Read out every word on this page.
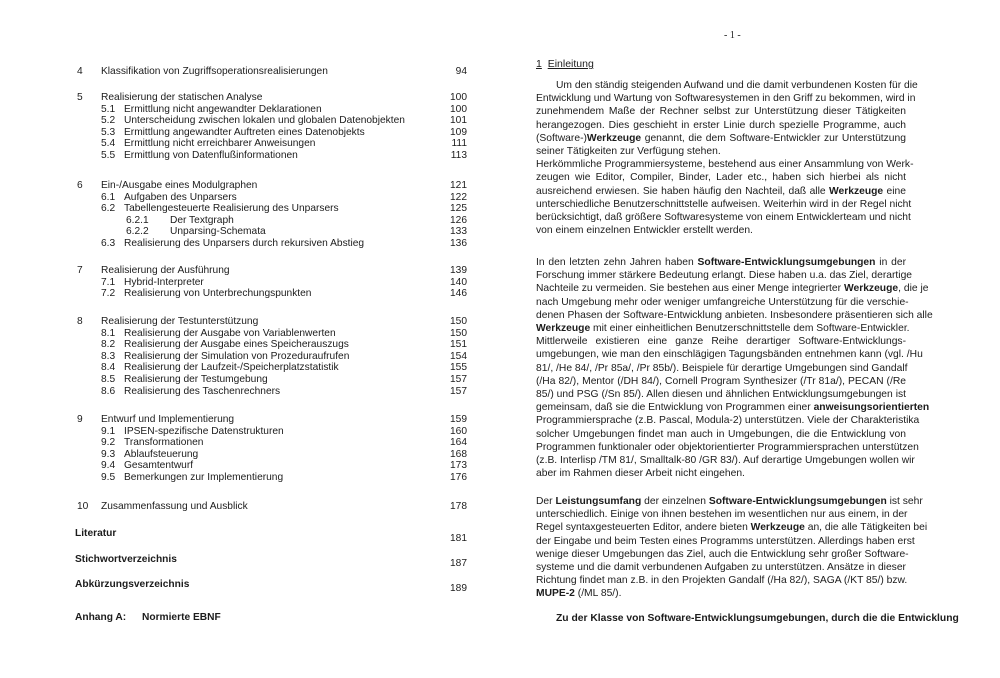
4 Klassifikation von Zugriffsoperationsrealisierungen	94
5 Realisierung der statischen Analyse	100
5.1 Ermittlung nicht angewandter Deklarationen	100
5.2 Unterscheidung zwischen lokalen und globalen Datenobjekten	101
5.3 Ermittlung angewandter Auftreten eines Datenobjekts	109
5.4 Ermittlung nicht erreichbarer Anweisungen	111
5.5 Ermittlung von Datenflußinformationen	113
6 Ein-/Ausgabe eines Modulgraphen	121
6.1 Aufgaben des Unparsers	122
6.2 Tabellengesteuerte Realisierung des Unparsers	125
6.2.1 Der Textgraph	126
6.2.2 Unparsing-Schemata	133
6.3 Realisierung des Unparsers durch rekursiven Abstieg	136
7 Realisierung der Ausführung	139
7.1 Hybrid-Interpreter	140
7.2 Realisierung von Unterbrechungspunkten	146
8 Realisierung der Testunterstützung	150
8.1 Realisierung der Ausgabe von Variablenwerten	150
8.2 Realisierung der Ausgabe eines Speicherauszugs	151
8.3 Realisierung der Simulation von Prozeduraufrufen	154
8.4 Realisierung der Laufzeit-/Speicherplatzstatistik	155
8.5 Realisierung der Testumgebung	157
8.6 Realisierung des Taschenrechners	157
9 Entwurf und Implementierung	159
9.1 IPSEN-spezifische Datenstrukturen	160
9.2 Transformationen	164
9.3 Ablaufsteuerung	168
9.4 Gesamtentwurf	173
9.5 Bemerkungen zur Implementierung	176
10 Zusammenfassung und Ausblick	178
Literatur	181
Stichwortverzeichnis	187
Abkürzungsverzeichnis	189
Anhang A: Normierte EBNF
- 1 -
1 Einleitung
Um den ständig steigenden Aufwand und die damit verbundenen Kosten für die
Entwicklung und Wartung von Softwaresystemen in den Griff zu bekommen, wird in
zunehmendem Maße der Rechner selbst zur Unterstützung dieser Tätigkeiten
herangezogen. Dies geschieht in erster Linie durch spezielle Programme, auch
(Software-)Werkzeuge genannt, die dem Software-Entwickler zur Unterstützung
seiner Tätigkeiten zur Verfügung stehen.
Herkömmliche Programmiersysteme, bestehend aus einer Ansammlung von Werk-
zeugen wie Editor, Compiler, Binder, Lader etc., haben sich hierbei als nicht
ausreichend erwiesen. Sie haben häufig den Nachteil, daß alle Werkzeuge eine
unterschiedliche Benutzerschnittstelle aufweisen. Weiterhin wird in der Regel nicht
berücksichtigt, daß größere Softwaresysteme von einem Entwicklerteam und nicht
von einem einzelnen Entwickler erstellt werden.
In den letzten zehn Jahren haben Software-Entwicklungsumgebungen in der
Forschung immer stärkere Bedeutung erlangt. Diese haben u.a. das Ziel, derartige
Nachteile zu vermeiden. Sie bestehen aus einer Menge integrierter Werkzeuge, die je
nach Umgebung mehr oder weniger umfangreiche Unterstützung für die verschie-
denen Phasen der Software-Entwicklung anbieten. Insbesondere präsentieren sich alle
Werkzeuge mit einer einheitlichen Benutzerschnittstelle dem Software-Entwickler.
Mittlerweile existieren eine ganze Reihe derartiger Software-Entwicklungs-
umgebungen, wie man den einschlägigen Tagungsbänden entnehmen kann (vgl. /Hu
81/, /He 84/, /Pr 85a/, /Pr 85b/). Beispiele für derartige Umgebungen sind Gandalf
(/Ha 82/), Mentor (/DH 84/), Cornell Program Synthesizer (/Tr 81a/), PECAN (/Re
85/) und PSG (/Sn 85/). Allen diesen und ähnlichen Entwicklungsumgebungen ist
gemeinsam, daß sie die Entwicklung von Programmen einer anweisungsorientierten
Programmiersprache (z.B. Pascal, Modula-2) unterstützen. Viele der Charakteristika
solcher Umgebungen findet man auch in Umgebungen, die die Entwicklung von
Programmen funktionaler oder objektorientierter Programmiersprachen unterstützen
(z.B. Interlisp /TM 81/, Smalltalk-80 /GR 83/). Auf derartige Umgebungen wollen wir
aber im Rahmen dieser Arbeit nicht eingehen.
Der Leistungsumfang der einzelnen Software-Entwicklungsumgebungen ist sehr
unterschiedlich. Einige von ihnen bestehen im wesentlichen nur aus einem, in der
Regel syntaxgesteuerten Editor, andere bieten Werkzeuge an, die alle Tätigkeiten bei
der Eingabe und beim Testen eines Programms unterstützen. Allerdings haben erst
wenige dieser Umgebungen das Ziel, auch die Entwicklung sehr großer Software-
systeme und die damit verbundenen Aufgaben zu unterstützen. Ansätze in dieser
Richtung findet man z.B. in den Projekten Gandalf (/Ha 82/), SAGA (/KT 85/) bzw.
MUPE-2 (/ML 85/).
Zu der Klasse von Software-Entwicklungsumgebungen, durch die die Entwicklung
